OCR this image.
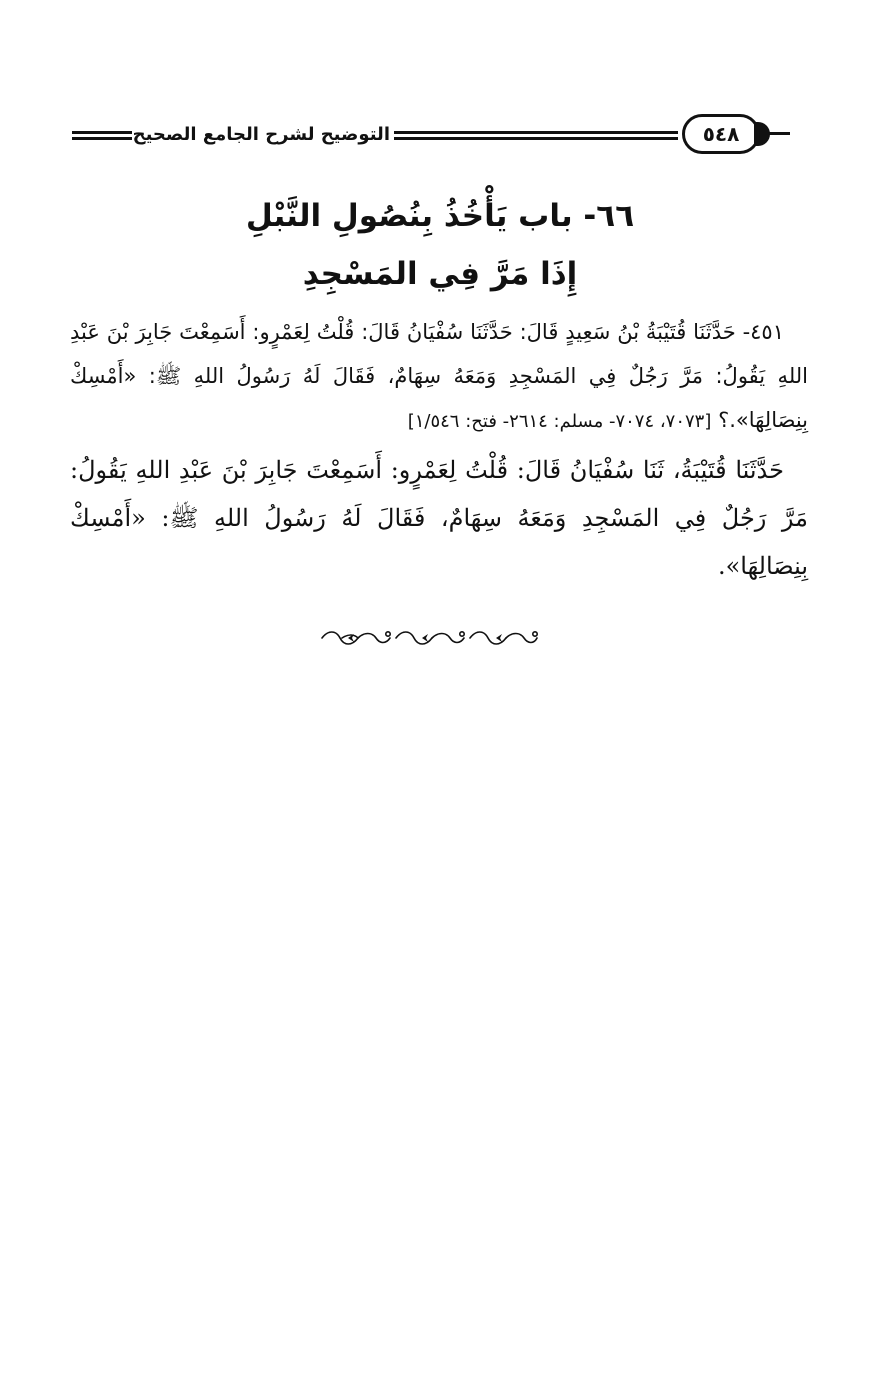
التوضيح لشرح الجامع الصحيح	٥٤٨
٦٦- باب يَأْخُذُ بِنُصُولِ النَّبْلِ
إِذَا مَرَّ فِي المَسْجِدِ
٤٥١- حَدَّثَنَا قُتَيْبَةُ بْنُ سَعِيدٍ قَالَ: حَدَّثَنَا سُفْيَانُ قَالَ: قُلْتُ لِعَمْرٍو: أَسَمِعْتَ جَابِرَ بْنَ عَبْدِ اللهِ يَقُولُ: مَرَّ رَجُلٌ فِي المَسْجِدِ وَمَعَهُ سِهَامٌ، فَقَالَ لَهُ رَسُولُ اللهِ ﷺ: «أَمْسِكْ بِنِصَالِهَا».؟ [٧٠٧٣، ٧٠٧٤- مسلم: ٢٦١٤- فتح: ١/٥٤٦]
حَدَّثَنَا قُتَيْبَةُ، ثَنَا سُفْيَانُ قَالَ: قُلْتُ لِعَمْرٍو: أَسَمِعْتَ جَابِرَ بْنَ عَبْدِ اللهِ يَقُولُ: مَرَّ رَجُلٌ فِي المَسْجِدِ وَمَعَهُ سِهَامٌ، فَقَالَ لَهُ رَسُولُ اللهِ ﷺ: «أَمْسِكْ بِنِصَالِهَا».
